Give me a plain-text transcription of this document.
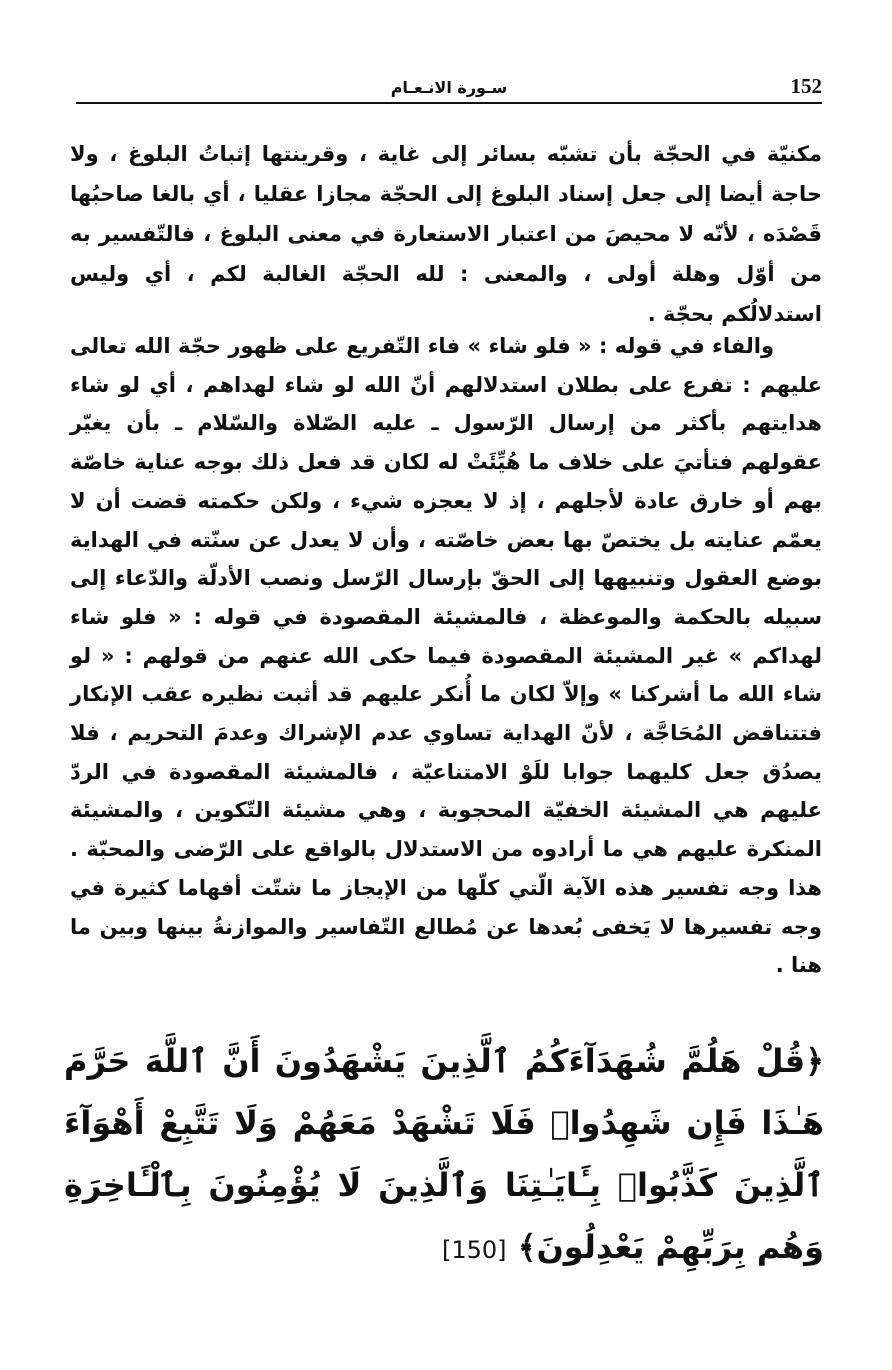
152
سـورة الانـعـام

مكنيّة في الحجّة بأن تشبّه بسائر إلى غاية ، وقرينتها إثباتُ البلوغ ، ولا حاجة أيضا إلى جعل إسناد البلوغ إلى الحجّة مجازا عقليا ، أي بالغا صاحبُها قَصْدَه ، لأنّه لا محيصَ من اعتبار الاستعارة في معنى البلوغ ، فالتّفسير به من أوّل وهلة أولى ، والمعنى : لله الحجّة الغالبة لكم ، أي وليس استدلالُكم بحجّة .

والفاء في قوله : « فلو شاء » فاء التّفريع على ظهور حجّة الله تعالى عليهم : تفرع على بطلان استدلالهم أنّ الله لو شاء لهداهم ، أي لو شاء هدايتهم بأكثر من إرسال الرّسول ـ عليه الصّلاة والسّلام ـ بأن يغيّر عقولهم فتأتيَ على خلاف ما هُيِّئَتْ له لكان قد فعل ذلك بوجه عناية خاصّة بهم أو خارق عادة لأجلهم ، إذ لا يعجزه شيء ، ولكن حكمته قضت أن لا يعمّم عنايته بل يختصّ بها بعض خاصّته ، وأن لا يعدل عن سنّته في الهداية بوضع العقول وتنبيهها إلى الحقّ بإرسال الرّسل ونصب الأدلّة والدّعاء إلى سبيله بالحكمة والموعظة ، فالمشيئة المقصودة في قوله : « فلو شاء لهداكم » غير المشيئة المقصودة فيما حكى الله عنهم من قولهم : « لو شاء الله ما أشركنا » وإلاّ لكان ما أُنكر عليهم قد أثبت نظيره عقب الإنكار فتتناقض المُحَاجَّة ، لأنّ الهداية تساوي عدم الإشراك وعدمَ التحريم ، فلا يصدُق جعل كليهما جوابا للَوْ الامتناعيّة ، فالمشيئة المقصودة في الردّ عليهم هي المشيئة الخفيّة المحجوبة ، وهي مشيئة التّكوين ، والمشيئة المنكرة عليهم هي ما أرادوه من الاستدلال بالواقع على الرّضى والمحبّة . هذا وجه تفسير هذه الآية الّتي كلّها من الإيجاز ما شتّت أفهاما كثيرة في وجه تفسيرها لا يَخفى بُعدها عن مُطالع التّفاسير والموازنةُ بينها وبين ما هنا .

﴿قُلْ هَلُمَّ شُهَدَآءَكُمُ ٱلَّذِينَ يَشْهَدُونَ أَنَّ ٱللَّهَ حَرَّمَ هَـٰذَا فَإِن شَهِدُوا۟ فَلَا تَشْهَدْ مَعَهُمْ وَلَا تَتَّبِعْ أَهْوَآءَ ٱلَّذِينَ كَذَّبُوا۟ بِـَٔايَـٰتِنَا وَٱلَّذِينَ لَا يُؤْمِنُونَ بِٱلْـَٔاخِرَةِ وَهُم بِرَبِّهِمْ يَعْدِلُونَ﴾ [150]
